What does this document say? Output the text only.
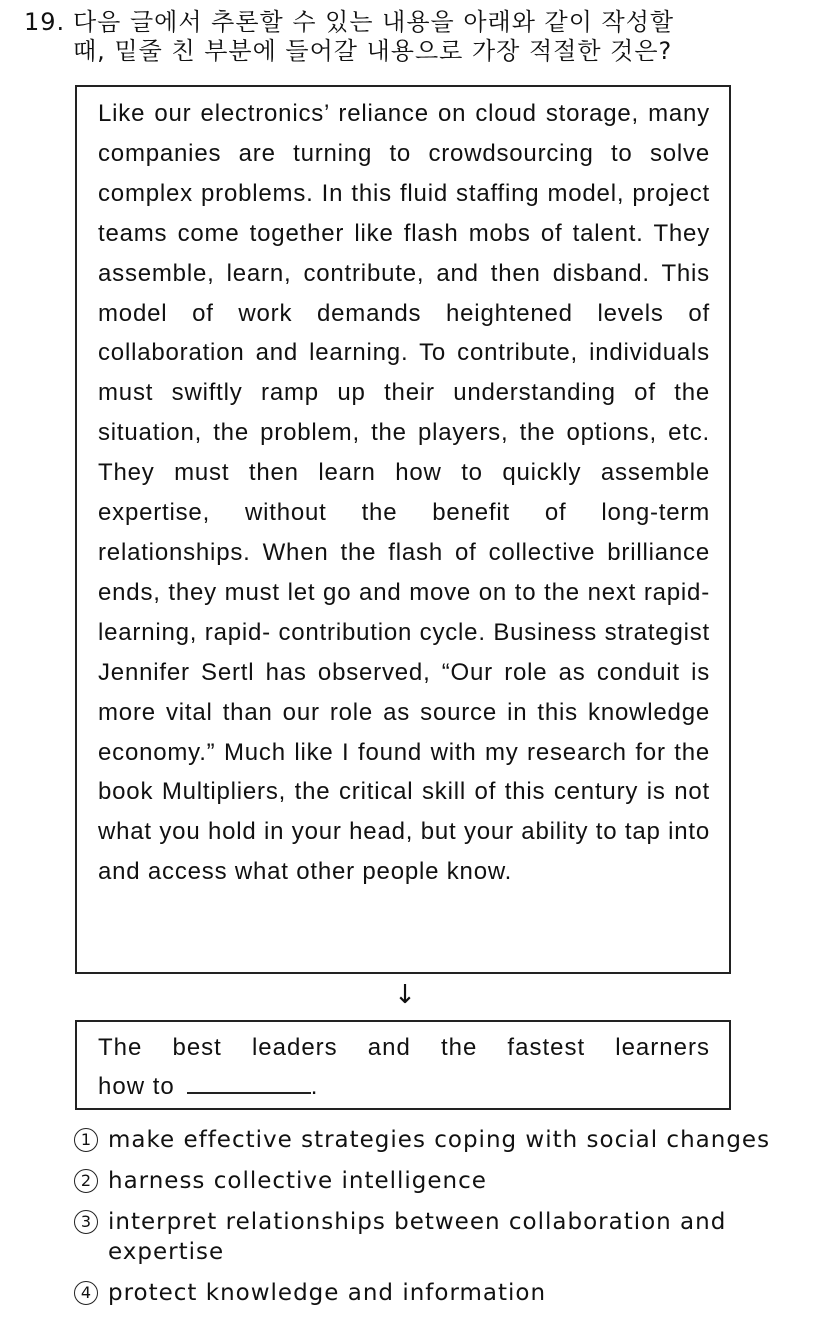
19. 다음 글에서 추론할 수 있는 내용을 아래와 같이 작성할
때, 밑줄 친 부분에 들어갈 내용으로 가장 적절한 것은?

Like our electronics’ reliance on cloud storage, many companies are turning to crowdsourcing to solve complex problems. In this fluid staffing model, project teams come together like flash mobs of talent. They assemble, learn, contribute, and then disband. This model of work demands heightened levels of collaboration and learning. To contribute, individuals must swiftly ramp up their understanding of the situation, the problem, the players, the options, etc. They must then learn how to quickly assemble expertise, without the benefit of long-term relationships. When the flash of collective brilliance ends, they must let go and move on to the next rapid-learning, rapid- contribution cycle. Business strategist Jennifer Sertl has observed, “Our role as conduit is more vital than our role as source in this knowledge economy.” Much like I found with my research for the book Multipliers, the critical skill of this century is not what you hold in your head, but your ability to tap into and access what other people know.

↓
The best leaders and the fastest learners
how to	.
1 make effective strategies coping with social changes
2 harness collective intelligence
3 interpret relationships between collaboration and expertise
4 protect knowledge and information
